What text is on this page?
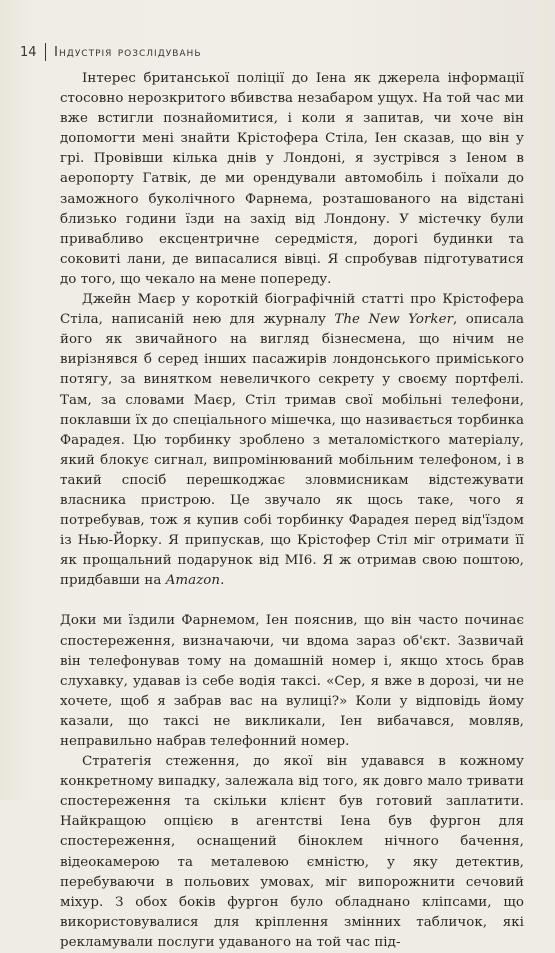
14 Індустрія розслідувань

Інтерес британської поліції до Іена як джерела інформації стосовно нерозкритого вбивства незабаром ущух. На той час ми вже встигли познайомитися, і коли я запитав, чи хоче він допомогти мені знайти Крістофера Стіла, Іен сказав, що він у грі. Провівши кілька днів у Лондоні, я зустрівся з Іеном в аеропорту Гатвік, де ми орендували автомобіль і поїхали до заможного буколічного Фарнема, розташованого на відстані близько години їзди на захід від Лондону. У містечку були привабливо ексцентричне середмістя, дорогі будинки та соковиті лани, де випасалися вівці. Я спробував підготуватися до того, що чекало на мене попереду.

Джейн Маєр у короткій біографічній статті про Крістофера Стіла, написаній нею для журналу The New Yorker, описала його як звичайного на вигляд бізнесмена, що нічим не вирізнявся б серед інших пасажирів лондонського приміського потягу, за винятком невеличкого секрету у своєму портфелі. Там, за словами Маєр, Стіл тримав свої мобільні телефони, поклавши їх до спеціального мішечка, що називається торбинка Фарадея. Цю торбинку зроблено з металоміcткого матеріалу, який блокує сигнал, випромінюваний мобільним телефоном, і в такий спосіб перешкоджає зловмисникам відстежувати власника пристрою. Це звучало як щось таке, чого я потребував, тож я купив собі торбинку Фарадея перед від'їздом із Нью-Йорку. Я припускав, що Крістофер Стіл міг отримати її як прощальний подарунок від МІ6. Я ж отримав свою поштою, придбавши на Amazon.

Доки ми їздили Фарнемом, Іен пояснив, що він часто починає спостереження, визначаючи, чи вдома зараз об'єкт. Зазвичай він телефонував тому на домашній номер і, якщо хтось брав слухавку, удавав із себе водія таксі. «Сер, я вже в дорозі, чи не хочете, щоб я забрав вас на вулиці?» Коли у відповідь йому казали, що таксі не викликали, Іен вибачався, мовляв, неправильно набрав телефонний номер.

Стратегія стеження, до якої він удавався в кожному конкретному випадку, залежала від того, як довго мало тривати спостереження та скільки клієнт був готовий заплатити. Найкращою опцією в агентстві Іена був фургон для спостереження, оснащений біноклем нічного бачення, відеокамерою та металевою ємністю, у яку детектив, перебуваючи в польових умовах, міг випорожнити сечовий міхур. З обох боків фургон було обладнано кліпсами, що використовувалися для кріплення змінних табличок, які рекламували послуги удаваного на той час під-
